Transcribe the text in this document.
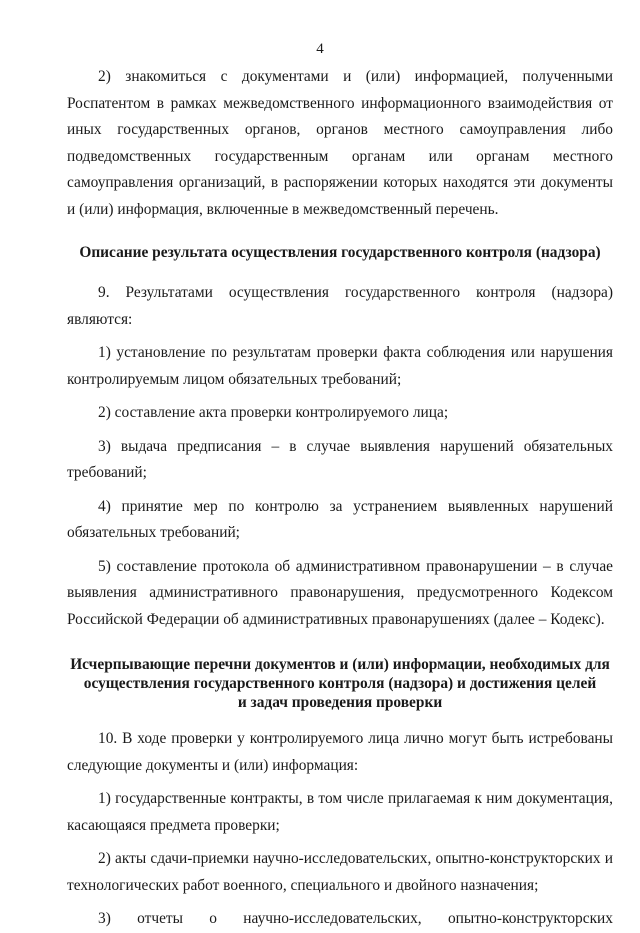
4

2) знакомиться с документами и (или) информацией, полученными Роспатентом в рамках межведомственного информационного взаимодействия от иных государственных органов, органов местного самоуправления либо подведомственных государственным органам или органам местного самоуправления организаций, в распоряжении которых находятся эти документы и (или) информация, включенные в межведомственный перечень.

Описание результата осуществления государственного контроля (надзора)

9. Результатами осуществления государственного контроля (надзора) являются:

1) установление по результатам проверки факта соблюдения или нарушения контролируемым лицом обязательных требований;

2) составление акта проверки контролируемого лица;

3) выдача предписания – в случае выявления нарушений обязательных требований;

4) принятие мер по контролю за устранением выявленных нарушений обязательных требований;

5) составление протокола об административном правонарушении – в случае выявления административного правонарушения, предусмотренного Кодексом Российской Федерации об административных правонарушениях (далее – Кодекс).

Исчерпывающие перечни документов и (или) информации, необходимых для
осуществления государственного контроля (надзора) и достижения целей
и задач проведения проверки

10. В ходе проверки у контролируемого лица лично могут быть истребованы следующие документы и (или) информация:

1) государственные контракты, в том числе прилагаемая к ним документация, касающаяся предмета проверки;

2) акты сдачи-приемки научно-исследовательских, опытно-конструкторских и технологических работ военного, специального и двойного назначения;

3) отчеты о научно-исследовательских, опытно-конструкторских
